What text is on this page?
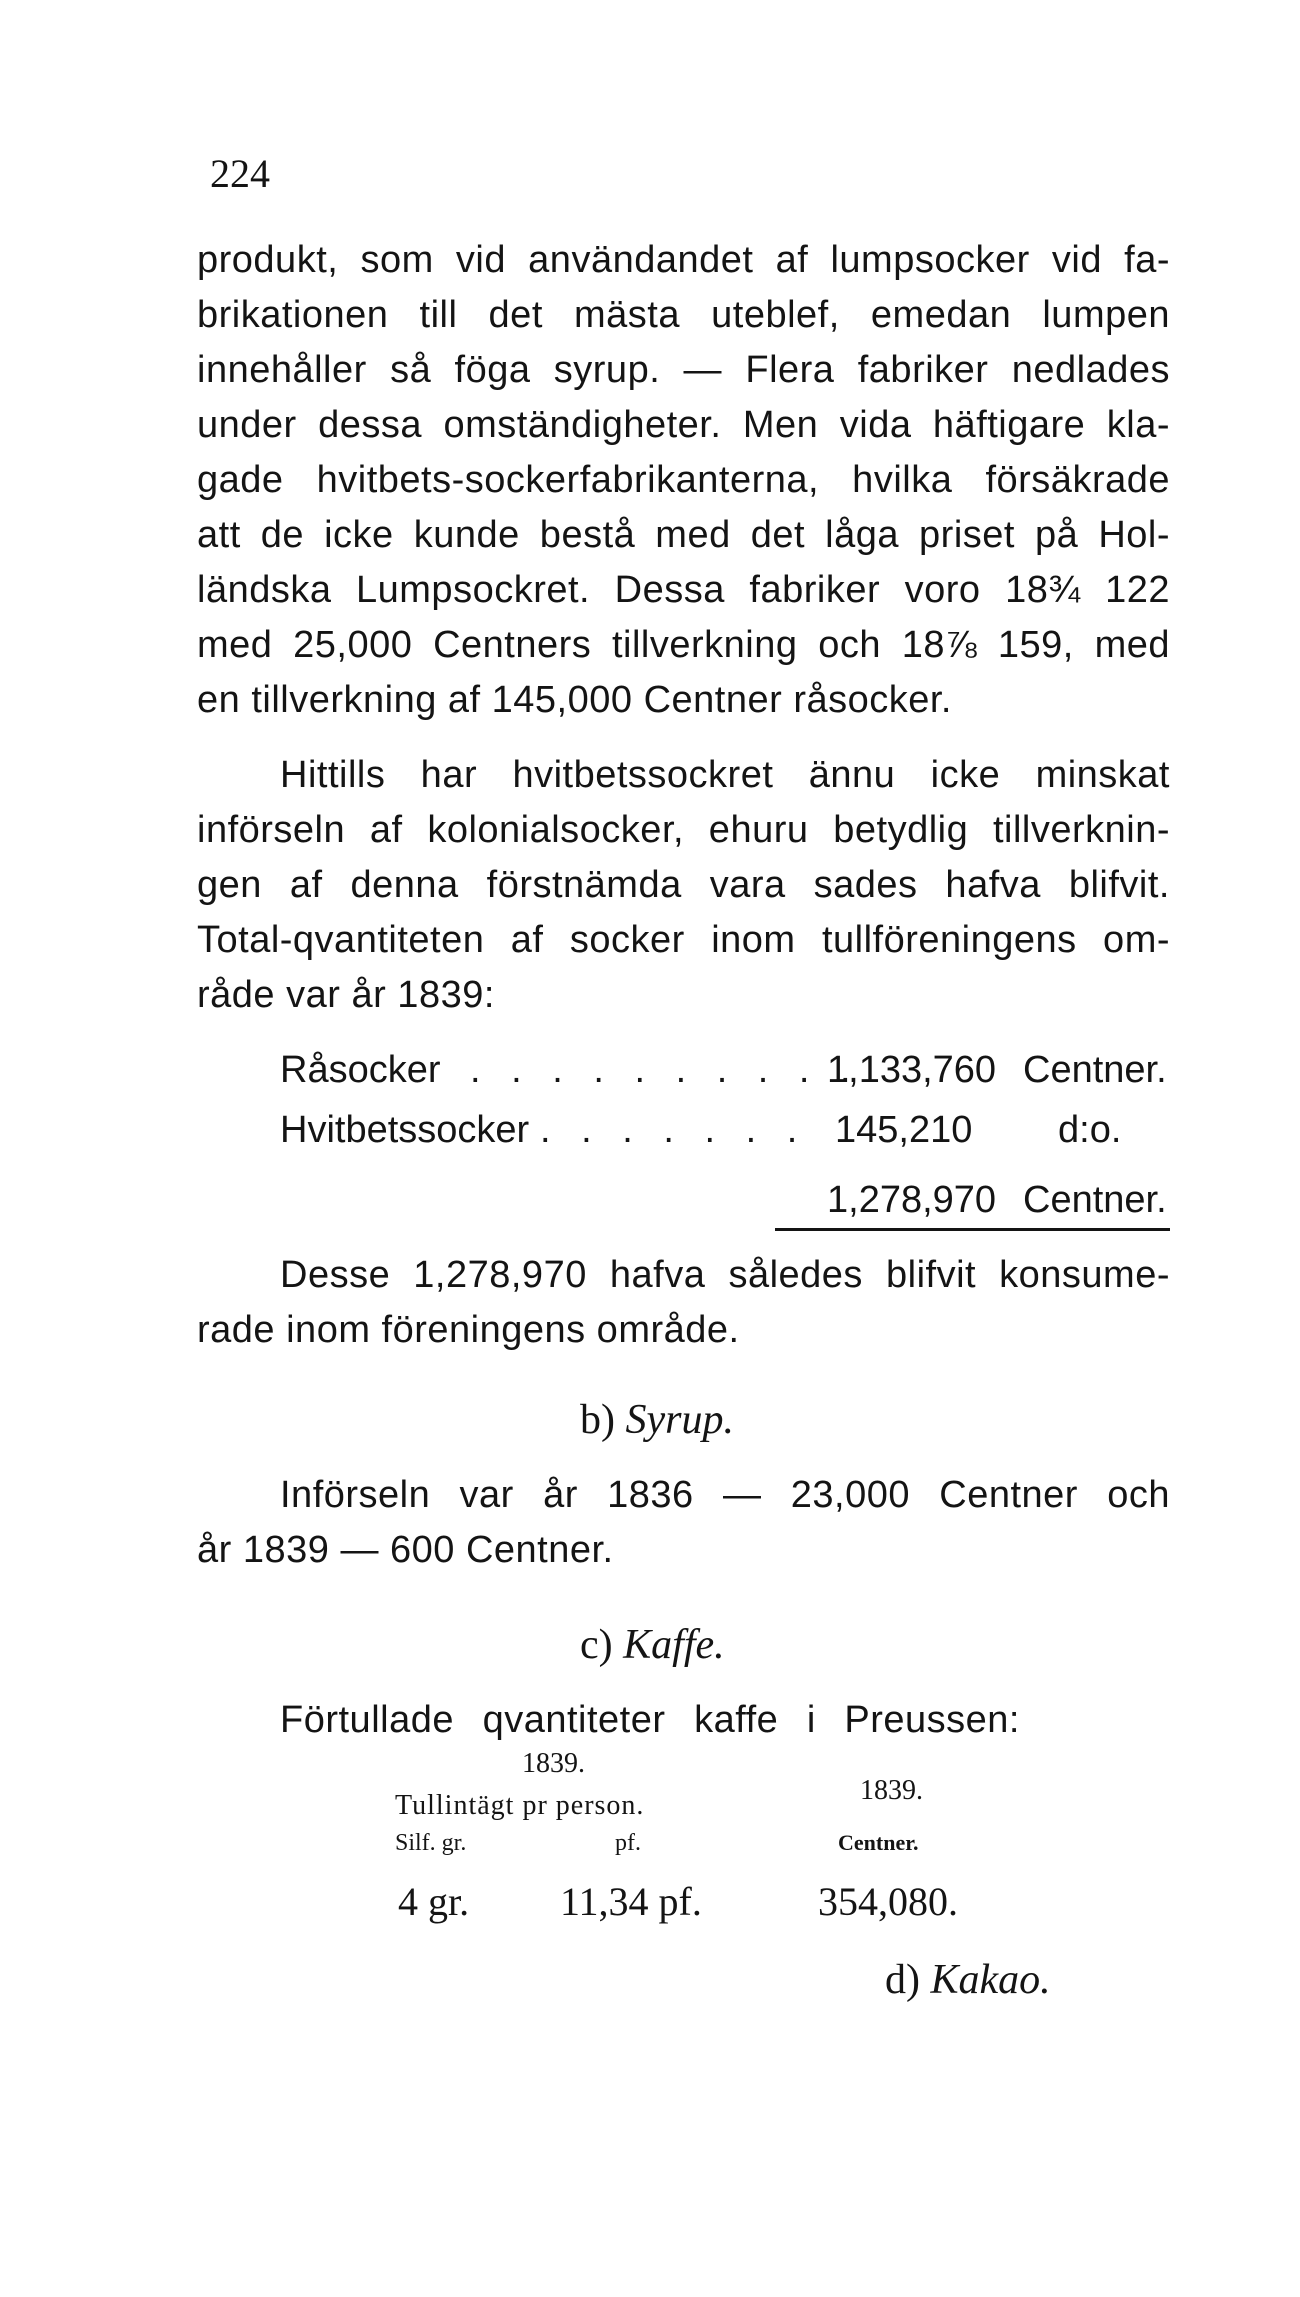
224
produkt, som vid användandet af lumpsocker vid fa-
brikationen till det mästa uteblef, emedan lumpen
innehåller så föga syrup. — Flera fabriker nedlades
under dessa omständigheter. Men vida häftigare kla-
gade hvitbets-sockerfabrikanterna, hvilka försäkrade
att de icke kunde bestå med det låga priset på Hol-
ländska Lumpsockret. Dessa fabriker voro 18¾ 122
med 25,000 Centners tillverkning och 18⅞ 159, med
en tillverkning af 145,000 Centner råsocker.
Hittills har hvitbetssockret ännu icke minskat
införseln af kolonialsocker, ehuru betydlig tillverknin-
gen af denna förstnämda vara sades hafva blifvit.
Total-qvantiteten af socker inom tullföreningens om-
råde var år 1839:
Råsocker . . . . . . . . . .
1,133,760 Centner.
Hvitbetssocker . . . . . . . 145,210 d:o.
1,278,970 Centner.
Desse 1,278,970 hafva således blifvit konsume-
rade inom föreningens område.
b) Syrup.
Införseln var år 1836 — 23,000 Centner och
år 1839 — 600 Centner.
c) Kaffe.
Förtullade qvantiteter kaffe i Preussen:
1839.
Tullintägt pr person.
Silf. gr.	pf.
1839.
Centner.
4 gr. 11,34 pf.	354,080.
d) Kakao.
